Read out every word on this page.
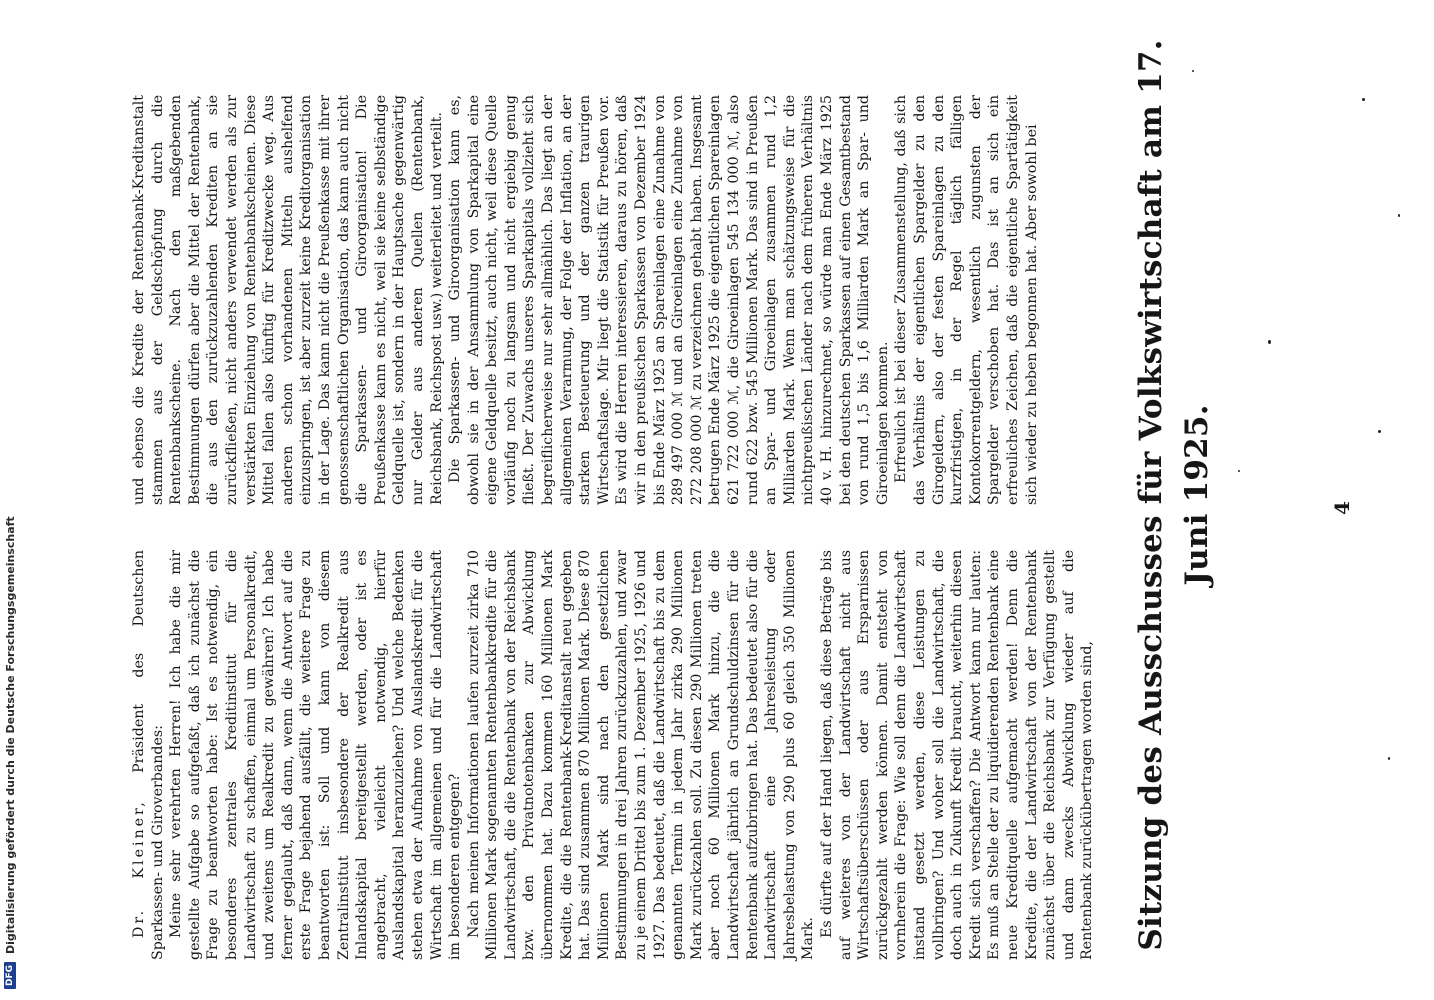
Sitzung des Ausschusses für Volkswirtschaft am 17. Juni 1925.	4

Dr. Kleiner, Präsident des Deutschen Sparkassen- und Giroverbandes: Meine sehr verehrten Herren! Ich habe die mir gestellte Aufgabe so aufgefaßt, daß ich zunächst die Frage zu beantworten habe: Ist es notwendig, ein besonderes zentrales Kreditinstitut für die Landwirtschaft zu schaffen, einmal um Personalkredit, und zweitens um Realkredit zu gewähren? Ich habe ferner geglaubt, daß dann, wenn die Antwort auf die erste Frage bejahend ausfällt, die weitere Frage zu beantworten ist: Soll und kann von diesem Zentralinstitut insbesondere der Realkredit aus Inlandskapital bereitgestellt werden, oder ist es angebracht, vielleicht notwendig, hierfür Auslandskapital heranzuziehen? Und welche Bedenken stehen etwa der Aufnahme von Auslandskredit für die Wirtschaft im allgemeinen und für die Landwirtschaft im besonderen entgegen? Nach meinen Informationen laufen zurzeit zirka 710 Millionen Mark sogenannten Rentenbankkredite für die Landwirtschaft, die die Rentenbank von der Reichsbank bzw. den Privatnotenbanken zur Abwicklung übernommen hat. Dazu kommen 160 Millionen Mark Kredite, die die Rentenbank-Kreditanstalt neu gegeben hat. Das sind zusammen 870 Millionen Mark. Diese 870 Millionen Mark sind nach den gesetzlichen Bestimmungen in drei Jahren zurückzuzahlen, und zwar zu je einem Drittel bis zum 1. Dezember 1925, 1926 und 1927. Das bedeutet, daß die Landwirtschaft bis zu dem genannten Termin in jedem Jahr zirka 290 Millionen Mark zurückzahlen soll. Zu diesen 290 Millionen treten aber noch 60 Millionen Mark hinzu, die die Landwirtschaft jährlich an Grundschuldzinsen für die Rentenbank aufzubringen hat. Das bedeutet also für die Landwirtschaft eine Jahresleistung oder Jahresbelastung von 290 plus 60 gleich 350 Millionen Mark.

Es dürfte auf der Hand liegen, daß diese Beträge bis auf weiteres von der Landwirtschaft nicht aus Wirtschaftsüberschüssen oder aus Ersparnissen zurückgezahlt werden können. Damit entsteht von vornherein die Frage: Wie soll denn die Landwirtschaft instand gesetzt werden, diese Leistungen zu vollbringen? Und woher soll die Landwirtschaft, die doch auch in Zukunft Kredit braucht, weiterhin diesen Kredit sich verschaffen? Die Antwort kann nur lauten: Es muß an Stelle der zu liquidierenden Rentenbank eine neue Kreditquelle aufgemacht werden! Denn die Kredite, die der Landwirtschaft von der Rentenbank zunächst über die Reichsbank zur Verfügung gestellt und dann zwecks Abwicklung wieder auf die Rentenbank zurückübertragen worden sind,

und ebenso die Kredite der Rentenbank-Kreditanstalt stammen aus der Geldschöpfung durch die Rentenbankscheine. Nach den maßgebenden Bestimmungen dürfen aber die Mittel der Rentenbank, die aus den zurückzuzahlenden Krediten an sie zurückfließen, nicht anders verwendet werden als zur verstärkten Einziehung von Rentenbankscheinen. Diese Mittel fallen also künftig für Kreditzwecke weg. Aus anderen schon vorhandenen Mitteln aushelfend einzuspringen, ist aber zurzeit keine Kreditorganisation in der Lage. Das kann nicht die Preußenkasse mit ihrer genossenschaftlichen Organisation, das kann auch nicht die Sparkassen- und Giroorganisation! Die Preußenkasse kann es nicht, weil sie keine selbständige Geldquelle ist, sondern in der Hauptsache gegenwärtig nur Gelder aus anderen Quellen (Rentenbank, Reichsbank, Reichspost usw.) weiterleitet und verteilt. Die Sparkassen- und Giroorganisation kann es, obwohl sie in der Ansammlung von Sparkapital eine eigene Geldquelle besitzt, auch nicht, weil diese Quelle vorläufig noch zu langsam und nicht ergiebig genug fließt. Der Zuwachs unseres Sparkapitals vollzieht sich begreiflicherweise nur sehr allmählich. Das liegt an der allgemeinen Verarmung, der Folge der Inflation, an der starken Besteuerung und der ganzen traurigen Wirtschaftslage. Mir liegt die Statistik für Preußen vor. Es wird die Herren interessieren, daraus zu hören, daß wir in den preußischen Sparkassen von Dezember 1924 bis Ende März 1925 an Spareinlagen eine Zunahme von 289 497 000 ℳ und an Giroeinlagen eine Zunahme von 272 208 000 ℳ zu verzeichnen gehabt haben. Insgesamt betrugen Ende März 1925 die eigentlichen Spareinlagen 621 722 000 ℳ, die Giroeinlagen 545 134 000 ℳ, also rund 622 bzw. 545 Millionen Mark. Das sind in Preußen an Spar- und Giroeinlagen zusammen rund 1,2 Milliarden Mark. Wenn man schätzungsweise für die nichtpreußischen Länder nach dem früheren Verhältnis 40 v. H. hinzurechnet, so würde man Ende März 1925 bei den deutschen Sparkassen auf einen Gesamtbestand von rund 1,5 bis 1,6 Milliarden Mark an Spar- und Giroeinlagen kommen. Erfreulich ist bei dieser Zusammenstellung, daß sich das Verhältnis der eigentlichen Spargelder zu den Girogeldern, also der festen Spareinlagen zu den kurzfristigen, in der Regel täglich fälligen Kontokorrentgeldern, wesentlich zugunsten der Spargelder verschoben hat. Das ist an sich ein erfreuliches Zeichen, daß die eigentliche Spartätigkeit sich wieder zu heben begonnen hat. Aber sowohl bei

DFG
Digitalisierung gefördert durch die Deutsche Forschungsgemeinschaft
